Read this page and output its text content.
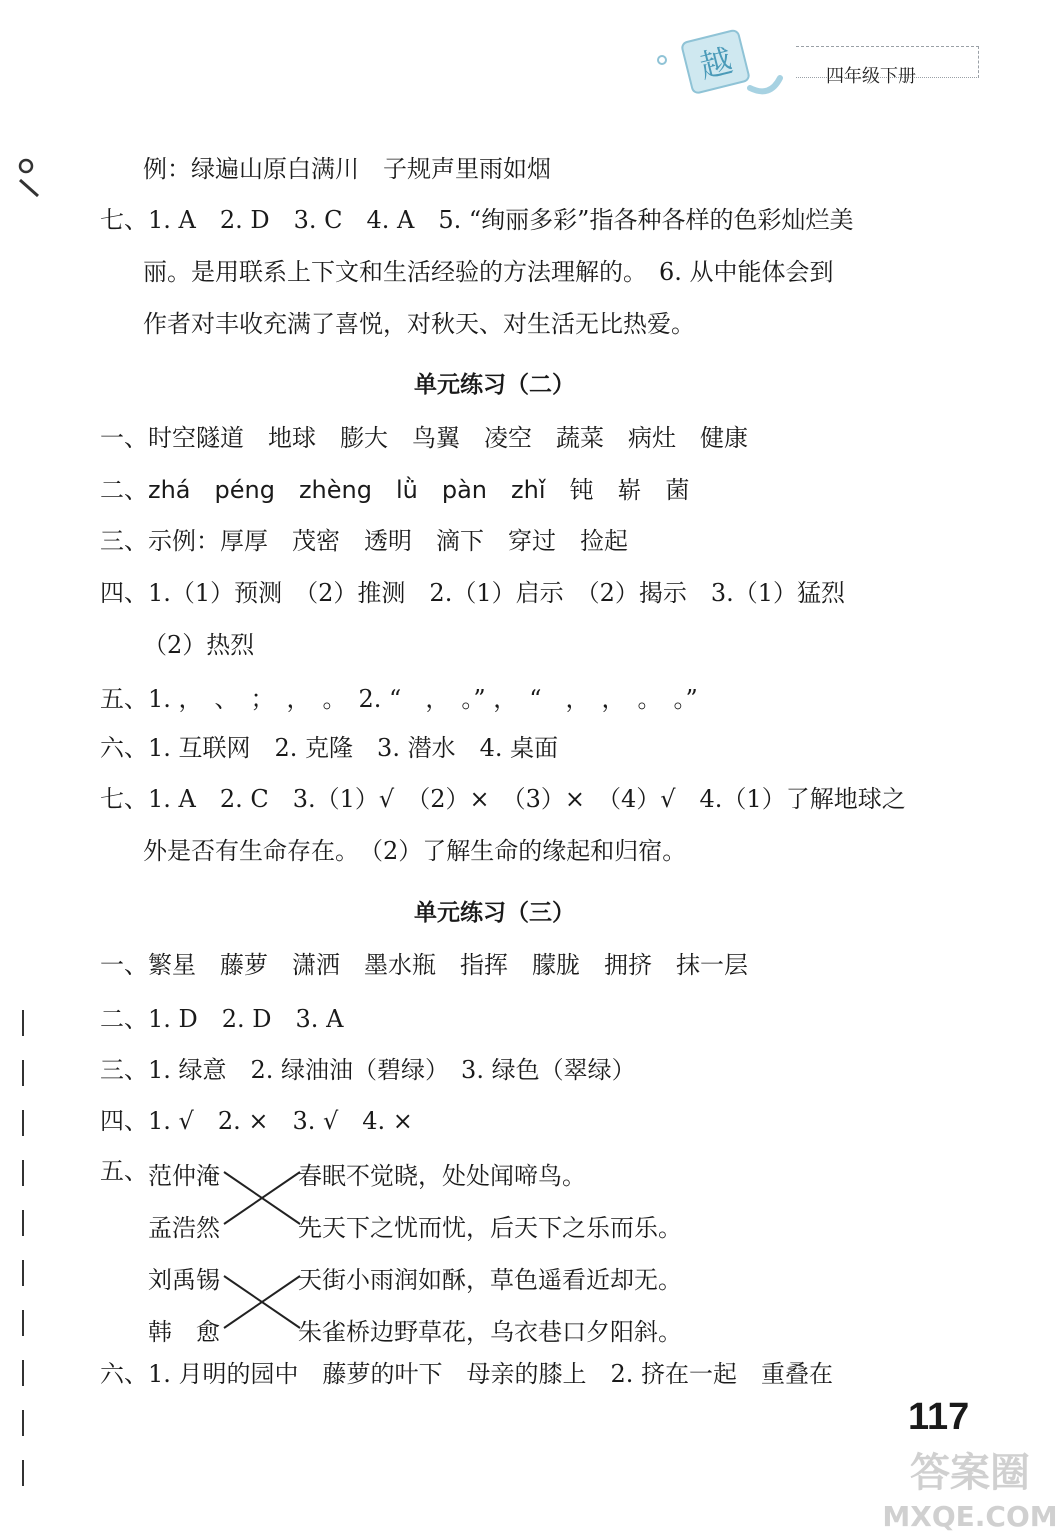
越	四年级下册
例：绿遍山原白满川　子规声里雨如烟
七、1. A　2. D　3. C　4. A　5. “绚丽多彩”指各种各样的色彩灿烂美
丽。是用联系上下文和生活经验的方法理解的。　6. 从中能体会到
作者对丰收充满了喜悦，对秋天、对生活无比热爱。
单元练习（二）
一、时空隧道　地球　膨大　鸟翼　凌空　蔬菜　病灶　健康
二、zhá　péng　zhèng　lǜ　pàn　zhǐ　钝　崭　菌
三、示例：厚厚　茂密　透明　滴下　穿过　捡起
四、1.（1）预测　（2）推测　2.（1）启示　（2）揭示　3.（1）猛烈
（2）热烈
五、1. ，　、　；　，　。　2. “　，　。” ，　“　，　，　。　。”
六、1. 互联网　2. 克隆　3. 潜水　4. 桌面
七、1. A　2. C　3.（1）√　（2）×　（3）×　（4）√　4.（1）了解地球之
外是否有生命存在。　（2）了解生命的缘起和归宿。
单元练习（三）
一、繁星　藤萝　潇洒　墨水瓶　指挥　朦胧　拥挤　抹一层
二、1. D　2. D　3. A
三、1. 绿意　2. 绿油油（碧绿）　3. 绿色（翠绿）
四、1. √　2. ×　3. √　4. ×
五、 范仲淹
孟浩然
刘禹锡
韩　愈
春眠不觉晓，处处闻啼鸟。
先天下之忧而忧，后天下之乐而乐。
天街小雨润如酥，草色遥看近却无。
朱雀桥边野草花，乌衣巷口夕阳斜。
六、1. 月明的园中　藤萝的叶下　母亲的膝上　2. 挤在一起　重叠在
117
答案圈
MXQE.COM
